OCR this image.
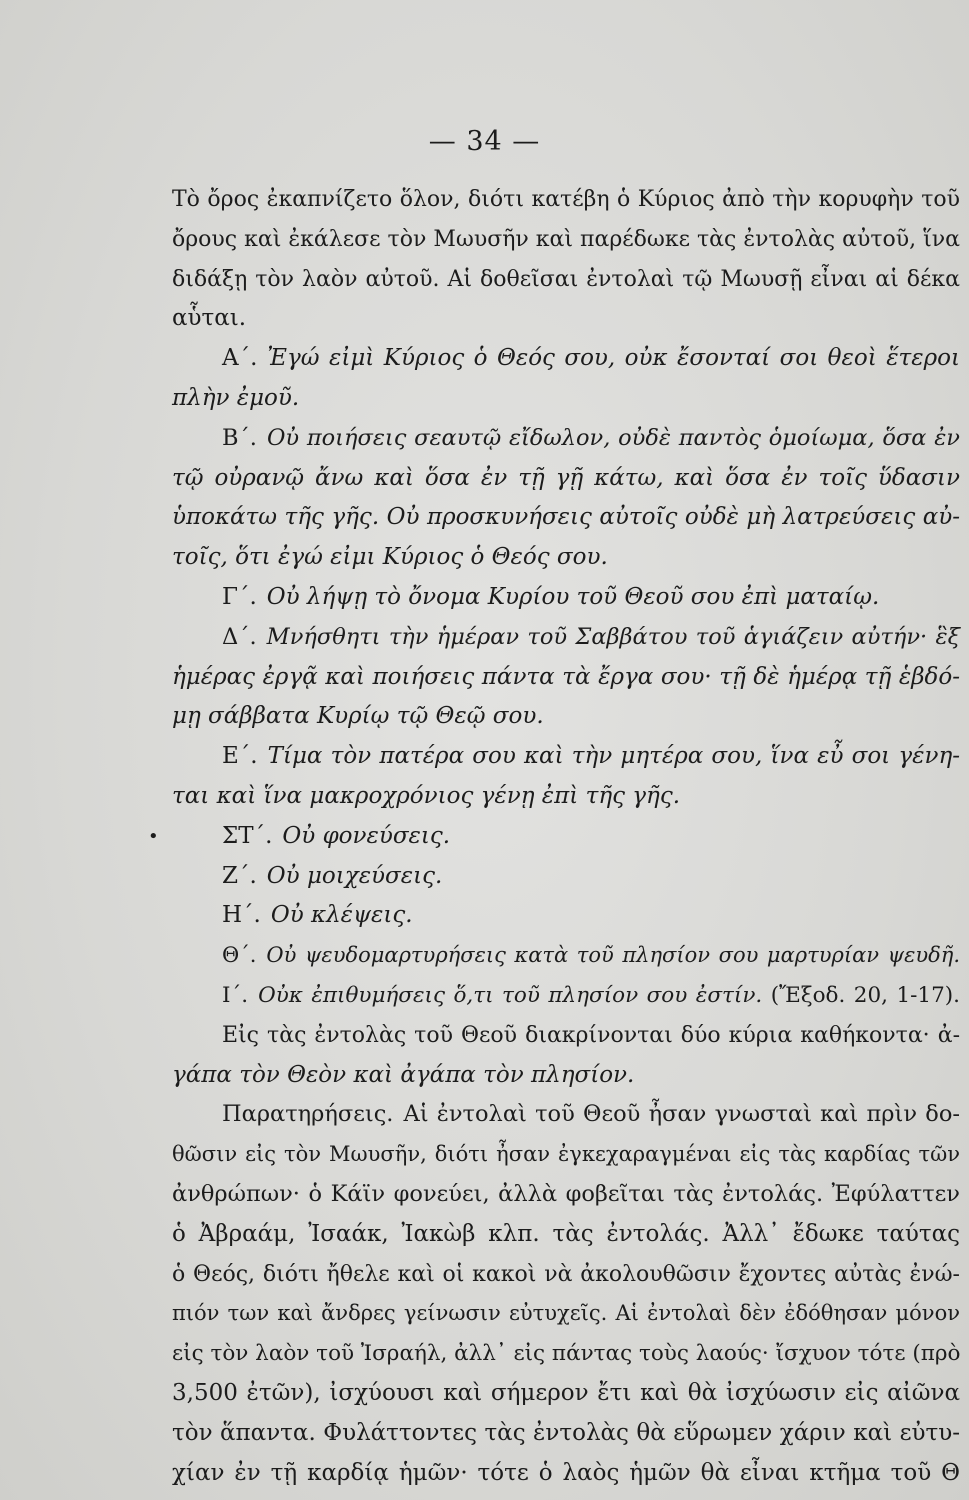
— 34 —
Τὸ ὄρος ἐκαπνίζετο ὅλον, διότι κατέβη ὁ Κύριος ἀπὸ τὴν κορυφὴν τοῦ
ὄρους καὶ ἐκάλεσε τὸν Μωυσῆν καὶ παρέδωκε τὰς ἐντολὰς αὐτοῦ, ἵνα
διδάξῃ τὸν λαὸν αὐτοῦ. Αἱ δοθεῖσαι ἐντολαὶ τῷ Μωυσῇ εἶναι αἱ δέκα
αὗται.
Α΄. Ἐγώ εἰμὶ Κύριος ὁ Θεός σου, οὐκ ἔσονταί σοι θεοὶ ἕτεροι
πλὴν ἐμοῦ.
Β΄. Οὐ ποιήσεις σεαυτῷ εἴδωλον, οὐδὲ παντὸς ὁμοίωμα, ὅσα ἐν
τῷ οὐρανῷ ἄνω καὶ ὅσα ἐν τῇ γῇ κάτω, καὶ ὅσα ἐν τοῖς ὕδασιν
ὑποκάτω τῆς γῆς. Οὐ προσκυνήσεις αὐτοῖς οὐδὲ μὴ λατρεύσεις αὐ-
τοῖς, ὅτι ἐγώ εἰμι Κύριος ὁ Θεός σου.
Γ΄. Οὐ λήψῃ τὸ ὄνομα Κυρίου τοῦ Θεοῦ σου ἐπὶ ματαίῳ.
Δ΄. Μνήσθητι τὴν ἡμέραν τοῦ Σαββάτου τοῦ ἁγιάζειν αὐτήν· ἓξ
ἡμέρας ἐργᾷ καὶ ποιήσεις πάντα τὰ ἔργα σου· τῇ δὲ ἡμέρᾳ τῇ ἑβδό-
μῃ σάββατα Κυρίῳ τῷ Θεῷ σου.
Ε΄. Τίμα τὸν πατέρα σου καὶ τὴν μητέρα σου, ἵνα εὖ σοι γένη-
ται καὶ ἵνα μακροχρόνιος γένῃ ἐπὶ τῆς γῆς.
•	ΣΤ΄. Οὐ φονεύσεις.
Ζ΄. Οὐ μοιχεύσεις.
Η΄. Οὐ κλέψεις.
Θ΄. Οὐ ψευδομαρτυρήσεις κατὰ τοῦ πλησίον σου μαρτυρίαν ψευδῆ.
Ι΄. Οὐκ ἐπιθυμήσεις ὅ,τι τοῦ πλησίον σου ἐστίν. (Ἔξοδ. 20, 1-17).
Εἰς τὰς ἐντολὰς τοῦ Θεοῦ διακρίνονται δύο κύρια καθήκοντα· ἀ-
γάπα τὸν Θεὸν καὶ ἀγάπα τὸν πλησίον.
Παρατηρήσεις. Αἱ ἐντολαὶ τοῦ Θεοῦ ἦσαν γνωσταὶ καὶ πρὶν δο-
θῶσιν εἰς τὸν Μωυσῆν, διότι ἦσαν ἐγκεχαραγμέναι εἰς τὰς καρδίας τῶν
ἀνθρώπων· ὁ Κάϊν φονεύει, ἀλλὰ φοβεῖται τὰς ἐντολάς. Ἐφύλαττεν
ὁ Ἀβραάμ, Ἰσαάκ, Ἰακὼβ κλπ. τὰς ἐντολάς. Ἀλλ᾽ ἔδωκε ταύτας
ὁ Θεός, διότι ἤθελε καὶ οἱ κακοὶ νὰ ἀκολουθῶσιν ἔχοντες αὐτὰς ἐνώ-
πιόν των καὶ ἄνδρες γείνωσιν εὐτυχεῖς. Αἱ ἐντολαὶ δὲν ἐδόθησαν μόνον
εἰς τὸν λαὸν τοῦ Ἰσραήλ, ἀλλ᾽ εἰς πάντας τοὺς λαούς· ἴσχυον τότε (πρὸ
3,500 ἐτῶν), ἰσχύουσι καὶ σήμερον ἔτι καὶ θὰ ἰσχύωσιν εἰς αἰῶνα
τὸν ἅπαντα. Φυλάττοντες τὰς ἐντολὰς θὰ εὕρωμεν χάριν καὶ εὐτυ-
χίαν ἐν τῇ καρδίᾳ ἡμῶν· τότε ὁ λαὸς ἡμῶν θὰ εἶναι κτῆμα τοῦ Θ
